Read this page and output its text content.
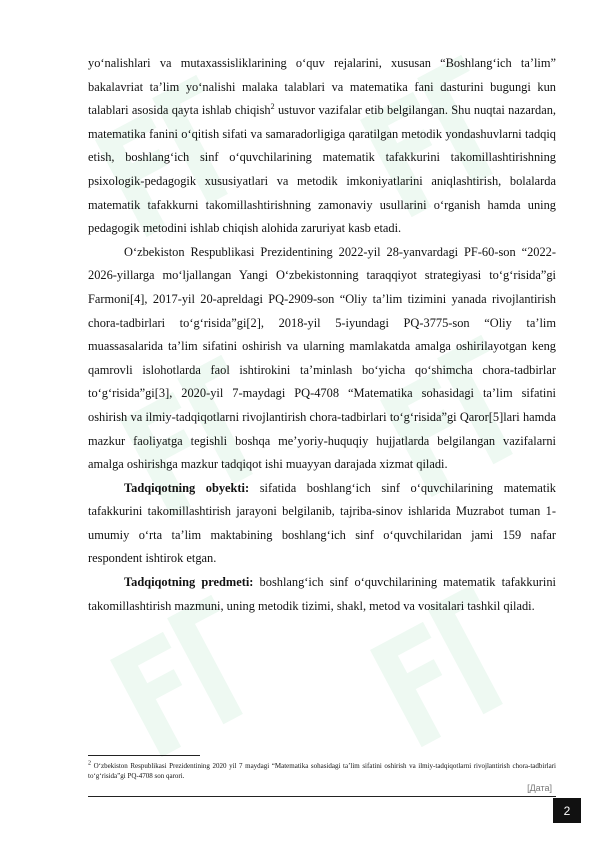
yo‘nalishlari va mutaxassisliklarining o‘quv rejalarini, xususan “Boshlang‘ich ta’lim” bakalavriat ta’lim yo‘nalishi malaka talablari va matematika fani dasturini bugungi kun talablari asosida qayta ishlab chiqish$^2$ ustuvor vazifalar etib belgilangan. Shu nuqtai nazardan, matematika fanini o‘qitish sifati va samaradorligiga qaratilgan metodik yondashuvlarni tadqiq etish, boshlang‘ich sinf o‘quvchilarining matematik tafakkurini takomillashtirishning psixologik-pedagogik xususiyatlari va metodik imkoniyatlarini aniqlashtirish, bolalarda matematik tafakkurni takomillashtirishning zamonaviy usullarini o‘rganish hamda uning pedagogik metodini ishlab chiqish alohida zaruriyat kasb etadi.

O‘zbekiston Respublikasi Prezidentining 2022-yil 28-yanvardagi PF-60-son “2022-2026-yillarga mo‘ljallangan Yangi O‘zbekistonning taraqqiyot strategiyasi to‘g‘risida”gi Farmoni[4], 2017-yil 20-apreldagi PQ-2909-son “Oliy ta’lim tizimini yanada rivojlantirish chora-tadbirlari to‘g‘risida”gi[2], 2018-yil 5-iyundagi PQ-3775-son “Oliy ta’lim muassasalarida ta’lim sifatini oshirish va ularning mamlakatda amalga oshirilayotgan keng qamrovli islohotlarda faol ishtirokini ta’minlash bo‘yicha qo‘shimcha chora-tadbirlar to‘g‘risida”gi[3], 2020-yil 7-maydagi PQ-4708 “Matematika sohasidagi ta’lim sifatini oshirish va ilmiy-tadqiqotlarni rivojlantirish chora-tadbirlari to‘g‘risida”gi Qaror[5]lari hamda mazkur faoliyatga tegishli boshqa me’yoriy-huquqiy hujjatlarda belgilangan vazifalarni amalga oshirishga mazkur tadqiqot ishi muayyan darajada xizmat qiladi.

Tadqiqotning obyekti: sifatida boshlang‘ich sinf o‘quvchilarining matematik tafakkurini takomillashtirish jarayoni belgilanib, tajriba-sinov ishlarida Muzrabot tuman 1-umumiy o‘rta ta’lim maktabining boshlang‘ich sinf o‘quvchilaridan jami 159 nafar respondent ishtirok etgan.

Tadqiqotning predmeti: boshlang‘ich sinf o‘quvchilarining matematik tafakkurini takomillashtirish mazmuni, uning metodik tizimi, shakl, metod va vositalari tashkil qiladi.

$^2$ O‘zbekiston Respublikasi Prezidentining 2020 yil 7 maydagi “Matematika sohasidagi ta’lim sifatini oshirish va ilmiy-tadqiqotlarni rivojlantirish chora-tadbirlari to‘g‘risida”gi PQ-4708 son qarori.

[Дата]
2
